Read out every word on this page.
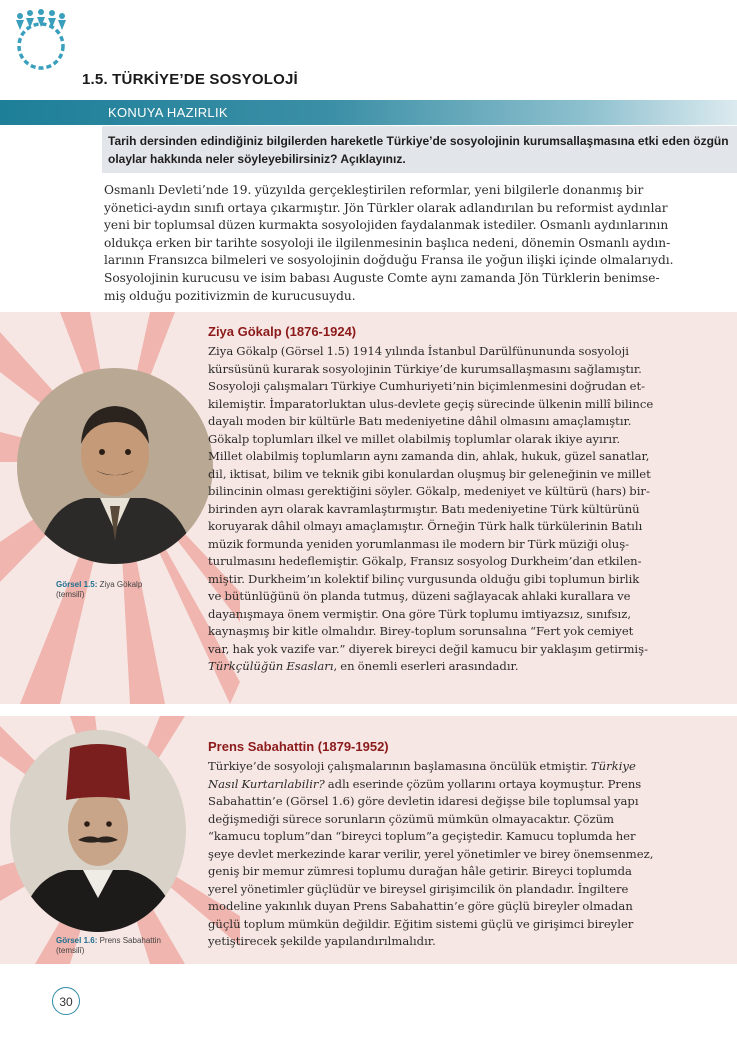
1.5. TÜRKİYE’DE SOSYOLOJİ
KONUYA HAZIRLIK

Tarih dersinden edindiğiniz bilgilerden hareketle Türkiye’de sosyolojinin kurumsallaşmasına etki eden özgün olaylar hakkında neler söyleyebilirsiniz? Açıklayınız.

Osmanlı Devleti’nde 19. yüzyılda gerçekleştirilen reformlar, yeni bilgilerle donanmış bir
yönetici-aydın sınıfı ortaya çıkarmıştır. Jön Türkler olarak adlandırılan bu reformist aydınlar
yeni bir toplumsal düzen kurmakta sosyolojiden faydalanmak istediler. Osmanlı aydınlarının
oldukça erken bir tarihte sosyoloji ile ilgilenmesinin başlıca nedeni, dönemin Osmanlı aydın-
larının Fransızca bilmeleri ve sosyolojinin doğduğu Fransa ile yoğun ilişki içinde olmalarıydı.
Sosyolojinin kurucusu ve isim babası Auguste Comte aynı zamanda Jön Türklerin benimse-
miş olduğu pozitivizmin de kurucusuydu.

Görsel 1.5: Ziya Gökalp
(temsilî)
Ziya Gökalp (1876-1924)

Ziya Gökalp (Görsel 1.5) 1914 yılında İstanbul Darülfünununda sosyoloji
kürsüsünü kurarak sosyolojinin Türkiye’de kurumsallaşmasını sağlamıştır.
Sosyoloji çalışmaları Türkiye Cumhuriyeti’nin biçimlenmesini doğrudan et-
kilemiştir. İmparatorluktan ulus-devlete geçiş sürecinde ülkenin millî bilince
dayalı moden bir kültürle Batı medeniyetine dâhil olmasını amaçlamıştır.
Gökalp toplumları ilkel ve millet olabilmiş toplumlar olarak ikiye ayırır.
Millet olabilmiş toplumların aynı zamanda din, ahlak, hukuk, güzel sanatlar,
dil, iktisat, bilim ve teknik gibi konulardan oluşmuş bir geleneğinin ve millet
bilincinin olması gerektiğini söyler. Gökalp, medeniyet ve kültürü (hars) bir-
birinden ayrı olarak kavramlaştırmıştır. Batı medeniyetine Türk kültürünü
koruyarak dâhil olmayı amaçlamıştır. Örneğin Türk halk türkülerinin Batılı
müzik formunda yeniden yorumlanması ile modern bir Türk müziği oluş-
turulmasını hedeflemiştir. Gökalp, Fransız sosyolog Durkheim’dan etkilen-
miştir. Durkheim’ın kolektif bilinç vurgusunda olduğu gibi toplumun birlik
ve bütünlüğünü ön planda tutmuş, düzeni sağlayacak ahlaki kurallara ve
dayanışmaya önem vermiştir. Ona göre Türk toplumu imtiyazsız, sınıfsız,
kaynaşmış bir kitle olmalıdır. Birey-toplum sorunsalına “Fert yok cemiyet
var, hak yok vazife var.” diyerek bireyci değil kamucu bir yaklaşım getirmiş-
Türkçülüğün Esasları, en önemli eserleri arasındadır.

Görsel 1.6: Prens Sabahattin
(temsilî)
Prens Sabahattin (1879-1952)

Türkiye’de sosyoloji çalışmalarının başlamasına öncülük etmiştir. Türkiye
Nasıl Kurtarılabilir? adlı eserinde çözüm yollarını ortaya koymuştur. Prens
Sabahattin’e (Görsel 1.6) göre devletin idaresi değişse bile toplumsal yapı
değişmediği sürece sorunların çözümü mümkün olmayacaktır. Çözüm
“kamucu toplum”dan “bireyci toplum”a geçiştedir. Kamucu toplumda her
şeye devlet merkezinde karar verilir, yerel yönetimler ve birey önemsenmez,
geniş bir memur zümresi toplumu durağan hâle getirir. Bireyci toplumda
yerel yönetimler güçlüdür ve bireysel girişimcilik ön plandadır. İngiltere
modeline yakınlık duyan Prens Sabahattin’e göre güçlü bireyler olmadan
güçlü toplum mümkün değildir. Eğitim sistemi güçlü ve girişimci bireyler
yetiştirecek şekilde yapılandırılmalıdır.

30
